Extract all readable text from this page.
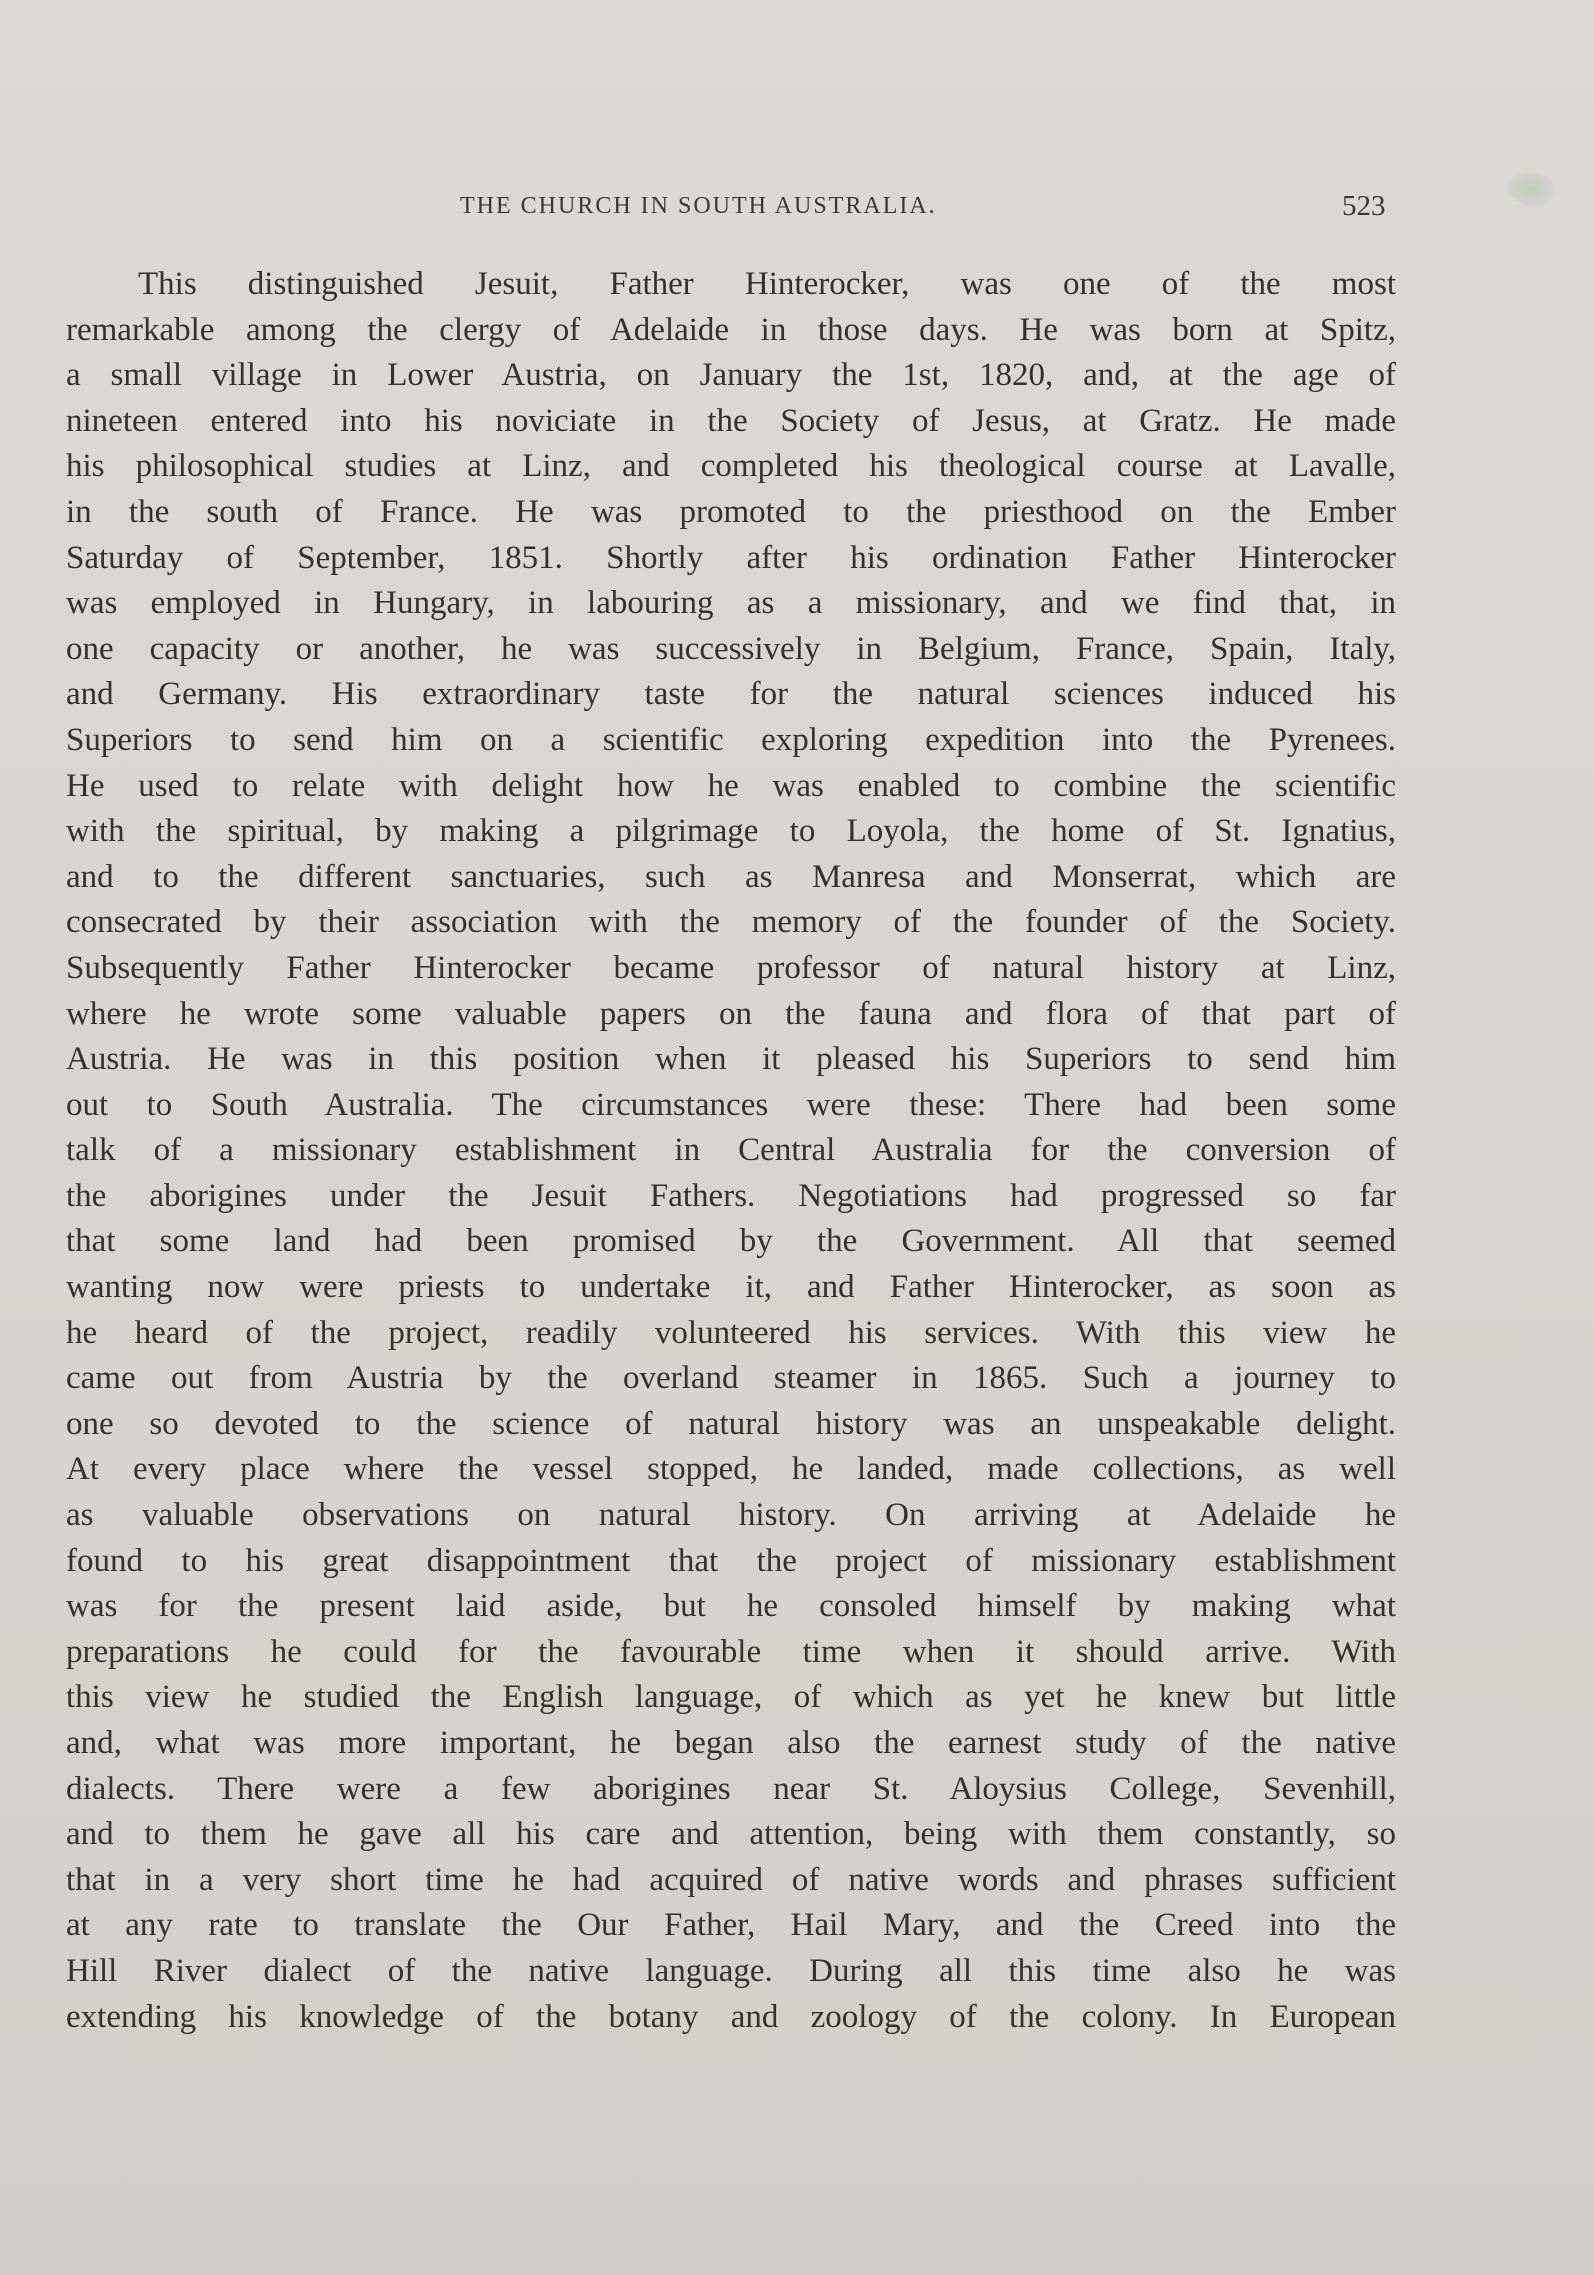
THE CHURCH IN SOUTH AUSTRALIA.	523
This distinguished Jesuit, Father Hinterocker, was one of the most
remarkable among the clergy of Adelaide in those days. He was born at Spitz,
a small village in Lower Austria, on January the 1st, 1820, and, at the age of
nineteen entered into his noviciate in the Society of Jesus, at Gratz. He made
his philosophical studies at Linz, and completed his theological course at Lavalle,
in the south of France. He was promoted to the priesthood on the Ember
Saturday of September, 1851. Shortly after his ordination Father Hinterocker
was employed in Hungary, in labouring as a missionary, and we find that, in
one capacity or another, he was successively in Belgium, France, Spain, Italy,
and Germany. His extraordinary taste for the natural sciences induced his
Superiors to send him on a scientific exploring expedition into the Pyrenees.
He used to relate with delight how he was enabled to combine the scientific
with the spiritual, by making a pilgrimage to Loyola, the home of St. Ignatius,
and to the different sanctuaries, such as Manresa and Monserrat, which are
consecrated by their association with the memory of the founder of the Society.
Subsequently Father Hinterocker became professor of natural history at Linz,
where he wrote some valuable papers on the fauna and flora of that part of
Austria. He was in this position when it pleased his Superiors to send him
out to South Australia. The circumstances were these: There had been some
talk of a missionary establishment in Central Australia for the conversion of
the aborigines under the Jesuit Fathers. Negotiations had progressed so far
that some land had been promised by the Government. All that seemed
wanting now were priests to undertake it, and Father Hinterocker, as soon as
he heard of the project, readily volunteered his services. With this view he
came out from Austria by the overland steamer in 1865. Such a journey to
one so devoted to the science of natural history was an unspeakable delight.
At every place where the vessel stopped, he landed, made collections, as well
as valuable observations on natural history. On arriving at Adelaide he
found to his great disappointment that the project of missionary establishment
was for the present laid aside, but he consoled himself by making what
preparations he could for the favourable time when it should arrive. With
this view he studied the English language, of which as yet he knew but little
and, what was more important, he began also the earnest study of the native
dialects. There were a few aborigines near St. Aloysius College, Sevenhill,
and to them he gave all his care and attention, being with them constantly, so
that in a very short time he had acquired of native words and phrases sufficient
at any rate to translate the Our Father, Hail Mary, and the Creed into the
Hill River dialect of the native language. During all this time also he was
extending his knowledge of the botany and zoology of the colony. In European
